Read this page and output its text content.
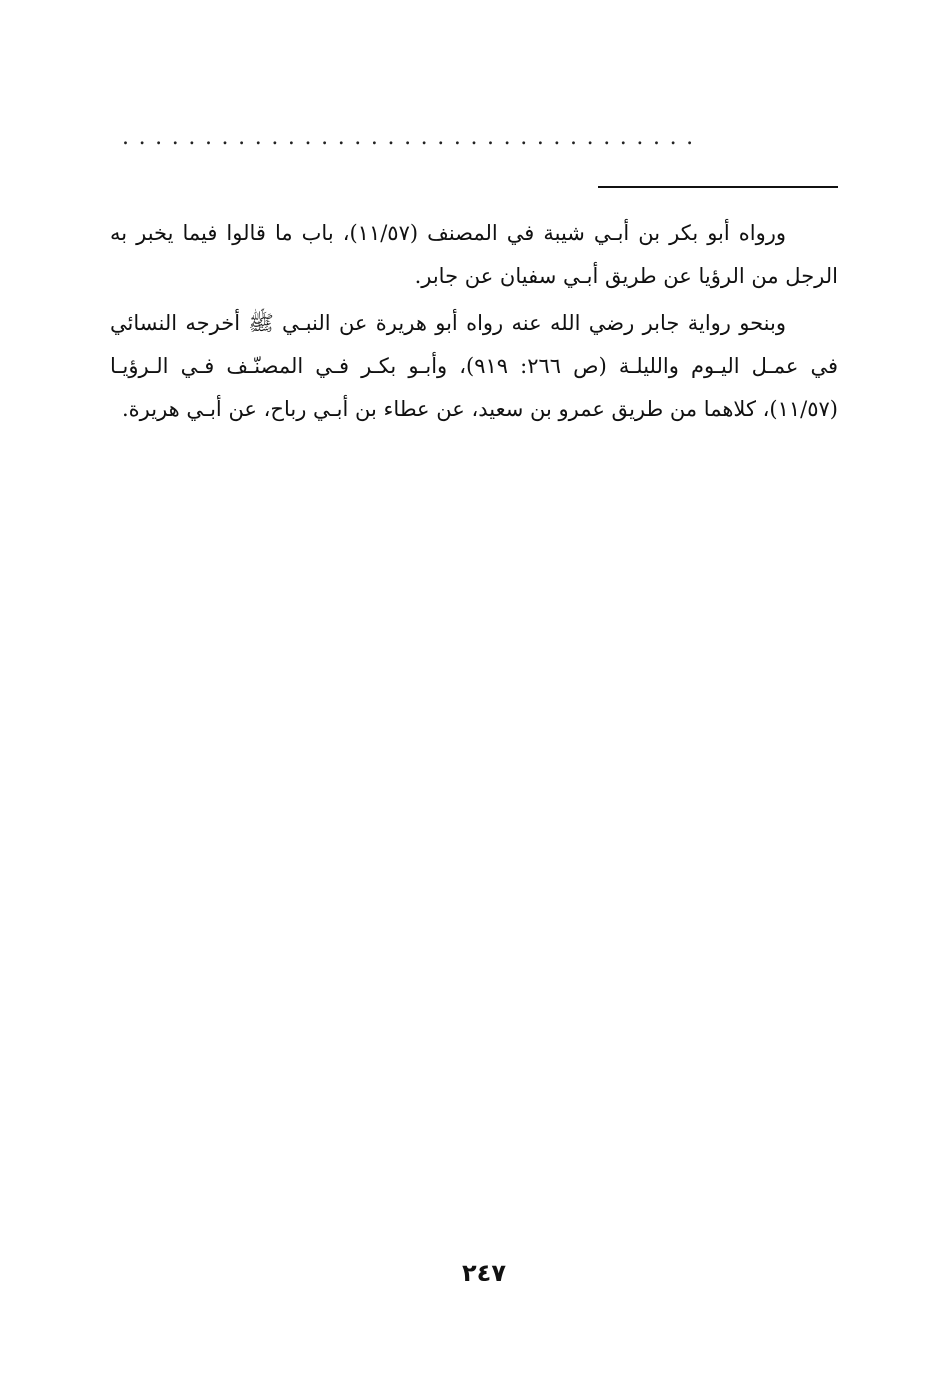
...................................

ورواه أبو بكر بن أبـي شيبة في المصنف (١١/٥٧)، باب ما قالوا فيما يخبر به الرجل من الرؤيا عن طريق أبـي سفيان عن جابر.

وبنحو رواية جابر رضي الله عنه رواه أبو هريرة عن النبـي ﷺ أخرجه النسائي في عمـل اليـوم والليلـة (ص ٢٦٦: ٩١٩)، وأبـو بكـر فـي المصنّـف فـي الـرؤيـا (١١/٥٧)، كلاهما من طريق عمرو بن سعيد، عن عطاء بن أبـي رباح، عن أبـي هريرة.

٢٤٧
